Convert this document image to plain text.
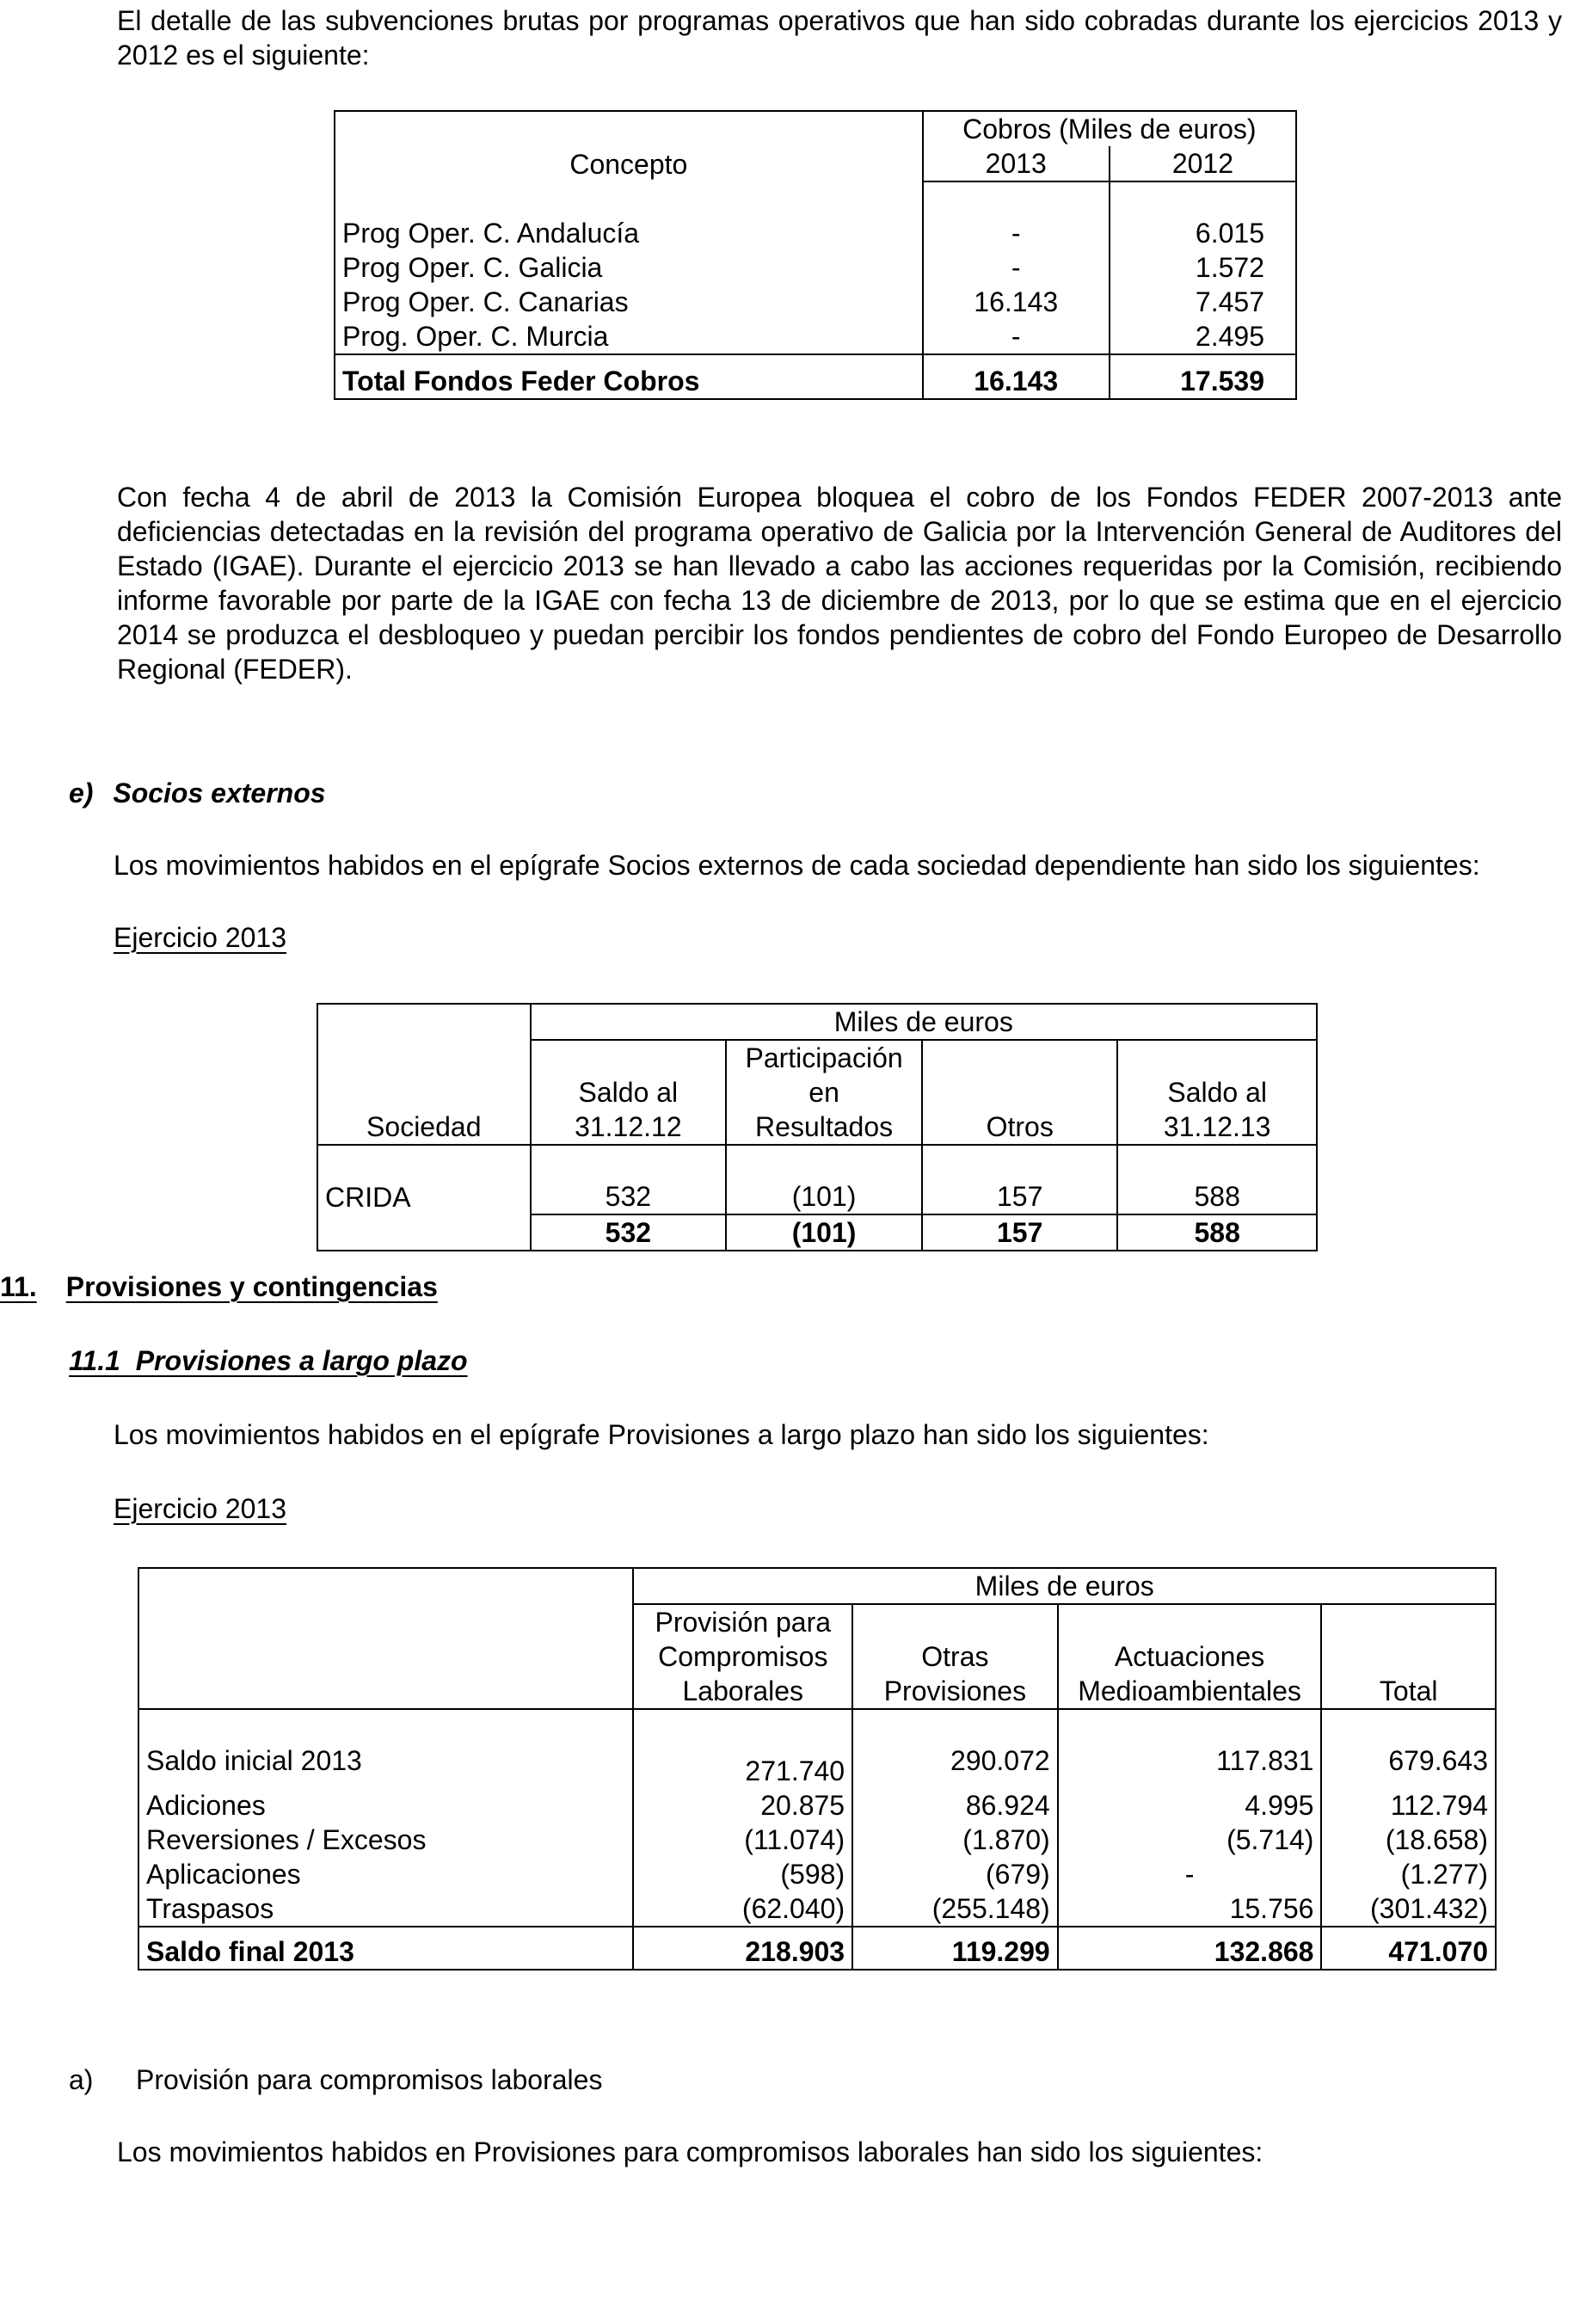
El detalle de las subvenciones brutas por programas operativos que han sido cobradas durante los ejercicios 2013 y 2012 es el siguiente:

Concepto	Cobros (Miles de euros)	
	2013	2012

Prog Oper. C. Andalucía	-	6.015
Prog Oper. C. Galicia	-	1.572
Prog Oper. C. Canarias	16.143	7.457
Prog. Oper. C. Murcia	-	2.495
Total Fondos Feder Cobros	16.143	17.539

Con fecha 4 de abril de 2013 la Comisión Europea bloquea el cobro de los Fondos FEDER 2007-2013 ante deficiencias detectadas en la revisión del programa operativo de Galicia por la Intervención General de Auditores del Estado (IGAE). Durante el ejercicio 2013 se han llevado a cabo las acciones requeridas por la Comisión, recibiendo informe favorable por parte de la IGAE con fecha 13 de diciembre de 2013, por lo que se estima que en el ejercicio 2014 se produzca el desbloqueo y puedan percibir los fondos pendientes de cobro del Fondo Europeo de Desarrollo Regional (FEDER).

e) Socios externos

Los movimientos habidos en el epígrafe Socios externos de cada sociedad dependiente han sido los siguientes:

Ejercicio 2013

Sociedad	Miles de euros			
		Participación		
	Saldo al	en		Saldo al
	31.12.12	Resultados	Otros	31.12.13

CRIDA	532	(101)	157	588
	532	(101)	157	588
11. Provisiones y contingencias
11.1  Provisiones a largo plazo

Los movimientos habidos en el epígrafe Provisiones a largo plazo han sido los siguientes:

Ejercicio 2013

	Miles de euros			
	Provisión para			
	Compromisos	Otras	Actuaciones	
	Laborales	Provisiones	Medioambientales	Total

Saldo inicial 2013	271.740	290.072	117.831	679.643
Adiciones	20.875	86.924	4.995	112.794
Reversiones / Excesos	(11.074)	(1.870)	(5.714)	(18.658)
Aplicaciones	(598)	(679)	-	(1.277)
Traspasos	(62.040)	(255.148)	15.756	(301.432)
Saldo final 2013	218.903	119.299	132.868	471.070
a) Provisión para compromisos laborales

Los movimientos habidos en Provisiones para compromisos laborales han sido los siguientes:
